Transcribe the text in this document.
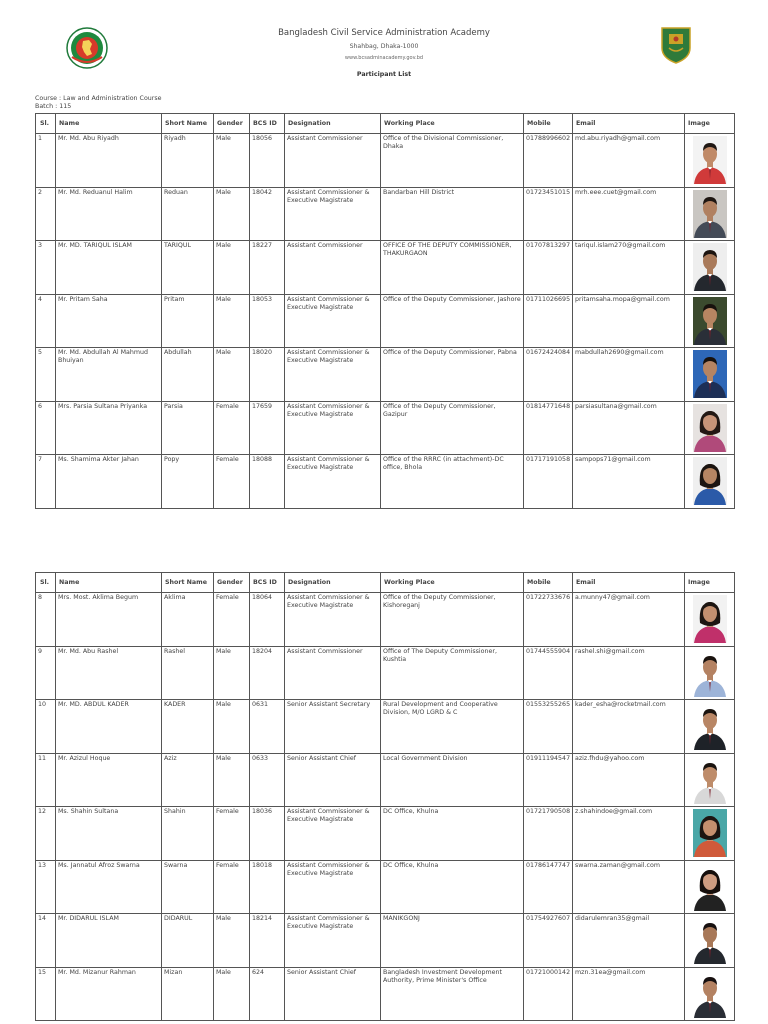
Bangladesh Civil Service Administration Academy
Shahbag, Dhaka-1000
www.bcsadminacademy.gov.bd
Participant List
Course : Law and Administration Course
Batch : 115
Sl.	Name	Short Name	Gender	BCS ID	Designation	Working Place	Mobile	Email	Image
1	Mr. Md. Abu Riyadh	Riyadh	Male	18056	Assistant Commissioner	Office of the Divisional Commissioner, Dhaka	01788996602	md.abu.riyadh@gmail.com	
2	Mr. Md. Reduanul Halim	Reduan	Male	18042	Assistant Commissioner & Executive Magistrate	Bandarban Hill District	01723451015	mrh.eee.cuet@gmail.com	
3	Mr. MD. TARIQUL ISLAM	TARIQUL	Male	18227	Assistant Commissioner	OFFICE OF THE DEPUTY COMMISSIONER, THAKURGAON	01707813297	tariqul.islam270@gmail.com	
4	Mr. Pritam Saha	Pritam	Male	18053	Assistant Commissioner & Executive Magistrate	Office of the Deputy Commissioner, Jashore	01711026695	pritamsaha.mopa@gmail.com	
5	Mr. Md. Abdullah Al Mahmud Bhuiyan	Abdullah	Male	18020	Assistant Commissioner & Executive Magistrate	Office of the Deputy Commissioner, Pabna	01672424084	mabdullah2690@gmail.com	
6	Mrs. Parsia Sultana Priyanka	Parsia	Female	17659	Assistant Commissioner & Executive Magistrate	Office of the Deputy Commissioner, Gazipur	01814771648	parsiasultana@gmail.com	
7	Ms. Shamima Akter Jahan	Popy	Female	18088	Assistant Commissioner & Executive Magistrate	Office of the RRRC (in attachment)-DC office, Bhola	01717191058	sampops71@gmail.com	
Sl.	Name	Short Name	Gender	BCS ID	Designation	Working Place	Mobile	Email	Image
8	Mrs. Most. Aklima Begum	Aklima	Female	18064	Assistant Commissioner & Executive Magistrate	Office of the Deputy Commissioner, Kishoreganj	01722733676	a.munny47@gmail.com	
9	Mr. Md. Abu Rashel	Rashel	Male	18204	Assistant Commissioner	Office of The Deputy Commissioner, Kushtia	01744555904	rashel.shi@gmail.com	
10	Mr. MD. ABDUL KADER	KADER	Male	0631	Senior Assistant Secretary	Rural Development and Cooperative Division, M/O LGRD & C	01553255265	kader_esha@rocketmail.com	
11	Mr. Azizul Hoque	Aziz	Male	0633	Senior Assistant Chief	Local Government Division	01911194547	aziz.fhdu@yahoo.com	
12	Ms. Shahin Sultana	Shahin	Female	18036	Assistant Commissioner & Executive Magistrate	DC Office, Khulna	01721790508	z.shahindoe@gmail.com	
13	Ms. Jannatul Afroz Swarna	Swarna	Female	18018	Assistant Commissioner & Executive Magistrate	DC Office, Khulna	01786147747	swarna.zaman@gmail.com	
14	Mr. DIDARUL ISLAM	DIDARUL	Male	18214	Assistant Commissioner & Executive Magistrate	MANIKGONJ	01754927607	didarulemran35@gmail	
15	Mr. Md. Mizanur Rahman	Mizan	Male	624	Senior Assistant Chief	Bangladesh Investment Development Authority, Prime Minister's Office	01721000142	mzn.31ea@gmail.com	
